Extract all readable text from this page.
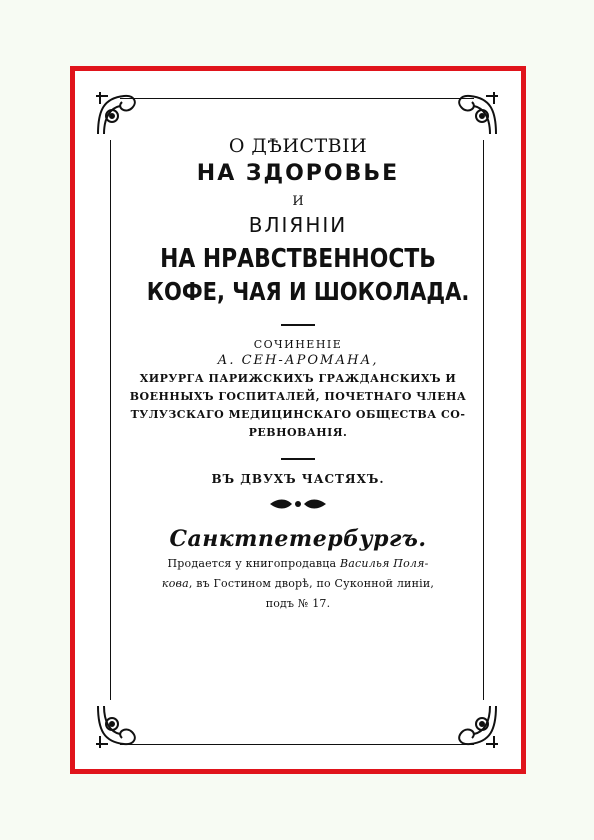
О ДѢИСТВIИ
НА ЗДОРОВЬЕ
И
ВЛIЯНIИ
НА НРАВСТВЕННОСТЬ
КОФЕ, ЧАЯ И ШОКОЛАДА.
СОЧИНЕНIЕ
А. СЕН-АРОМАНА,
ХИРУРГА ПАРИЖСКИХЪ ГРАЖДАНСКИХЪ И
ВОЕННЫХЪ ГОСПИТАЛЕЙ, ПОЧЕТНАГО ЧЛЕНА
ТУЛУЗСКАГО МЕДИЦИНСКАГО ОБЩЕСТВА СО-
РЕВНОВАНIЯ.
ВЪ ДВУХЪ ЧАСТЯХЪ.
Санктпетербургъ.
Продается у книгопродавца Василья Поля-
кова, въ Гостином дворѣ, по Суконной линiи,
подъ № 17.
